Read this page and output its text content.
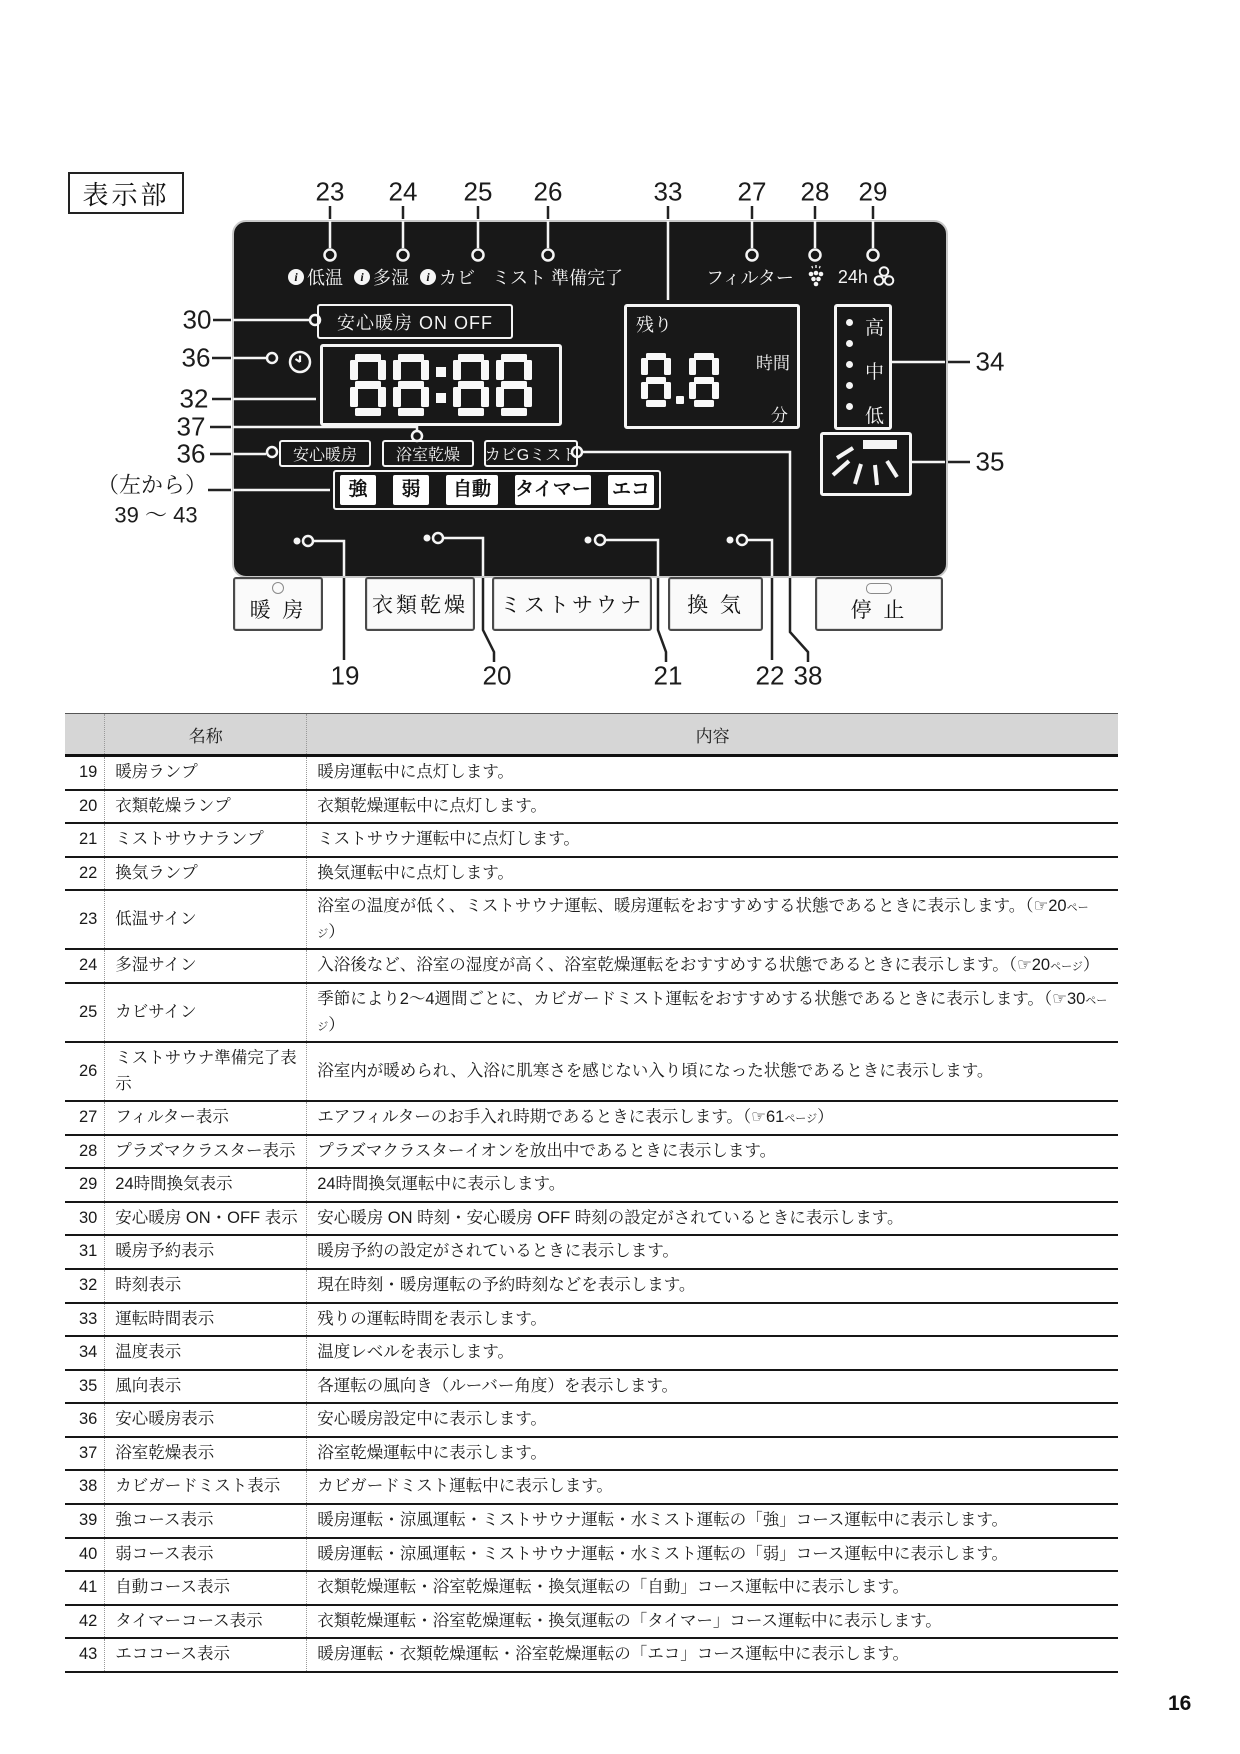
表示部
i 低温	i 多湿	i カビ ミスト 準備完了	フィルター 24h
安心暖房 ON OFF	残り
時間
分
高
中
低
強	弱	自動	タイマー エコ
安心暖房	浴室乾燥	カビGミスト
	名称	内容
19	暖房ランプ	暖房運転中に点灯します。
20	衣類乾燥ランプ	衣類乾燥運転中に点灯します。
21	ミストサウナランプ	ミストサウナ運転中に点灯します。
22	換気ランプ	換気運転中に点灯します。
23	低温サイン	浴室の温度が低く、ミストサウナ運転、暖房運転をおすすめする状態であるときに表示します。（☞20ページ）
24	多湿サイン	入浴後など、浴室の湿度が高く、浴室乾燥運転をおすすめする状態であるときに表示します。（☞20ページ）
25	カビサイン	季節により2～4週間ごとに、カビガードミスト運転をおすすめする状態であるときに表示します。（☞30ページ）
26	ミストサウナ準備完了表示	浴室内が暖められ、入浴に肌寒さを感じない入り頃になった状態であるときに表示します。
27	フィルター表示	エアフィルターのお手入れ時期であるときに表示します。（☞61ページ）
28	プラズマクラスター表示	プラズマクラスターイオンを放出中であるときに表示します。
29	24時間換気表示	24時間換気運転中に表示します。
30	安心暖房 ON・OFF 表示	安心暖房 ON 時刻・安心暖房 OFF 時刻の設定がされているときに表示します。
31	暖房予約表示	暖房予約の設定がされているときに表示します。
32	時刻表示	現在時刻・暖房運転の予約時刻などを表示します。
33	運転時間表示	残りの運転時間を表示します。
34	温度表示	温度レベルを表示します。
35	風向表示	各運転の風向き（ルーバー角度）を表示します。
36	安心暖房表示	安心暖房設定中に表示します。
37	浴室乾燥表示	浴室乾燥運転中に表示します。
38	カビガードミスト表示	カビガードミスト運転中に表示します。
39	強コース表示	暖房運転・涼風運転・ミストサウナ運転・水ミスト運転の「強」コース運転中に表示します。
40	弱コース表示	暖房運転・涼風運転・ミストサウナ運転・水ミスト運転の「弱」コース運転中に表示します。
41	自動コース表示	衣類乾燥運転・浴室乾燥運転・換気運転の「自動」コース運転中に表示します。
42	タイマーコース表示	衣類乾燥運転・浴室乾燥運転・換気運転の「タイマー」コース運転中に表示します。
43	エココース表示	暖房運転・衣類乾燥運転・浴室乾燥運転の「エコ」コース運転中に表示します。
16
暖 房	衣類乾燥 ミストサウナ 換 気	停 止
23 24 25 26	33 27 28 29
30
36
32
37
36
（左から）
39 ～ 43
34
35
19	20	21	22 38
